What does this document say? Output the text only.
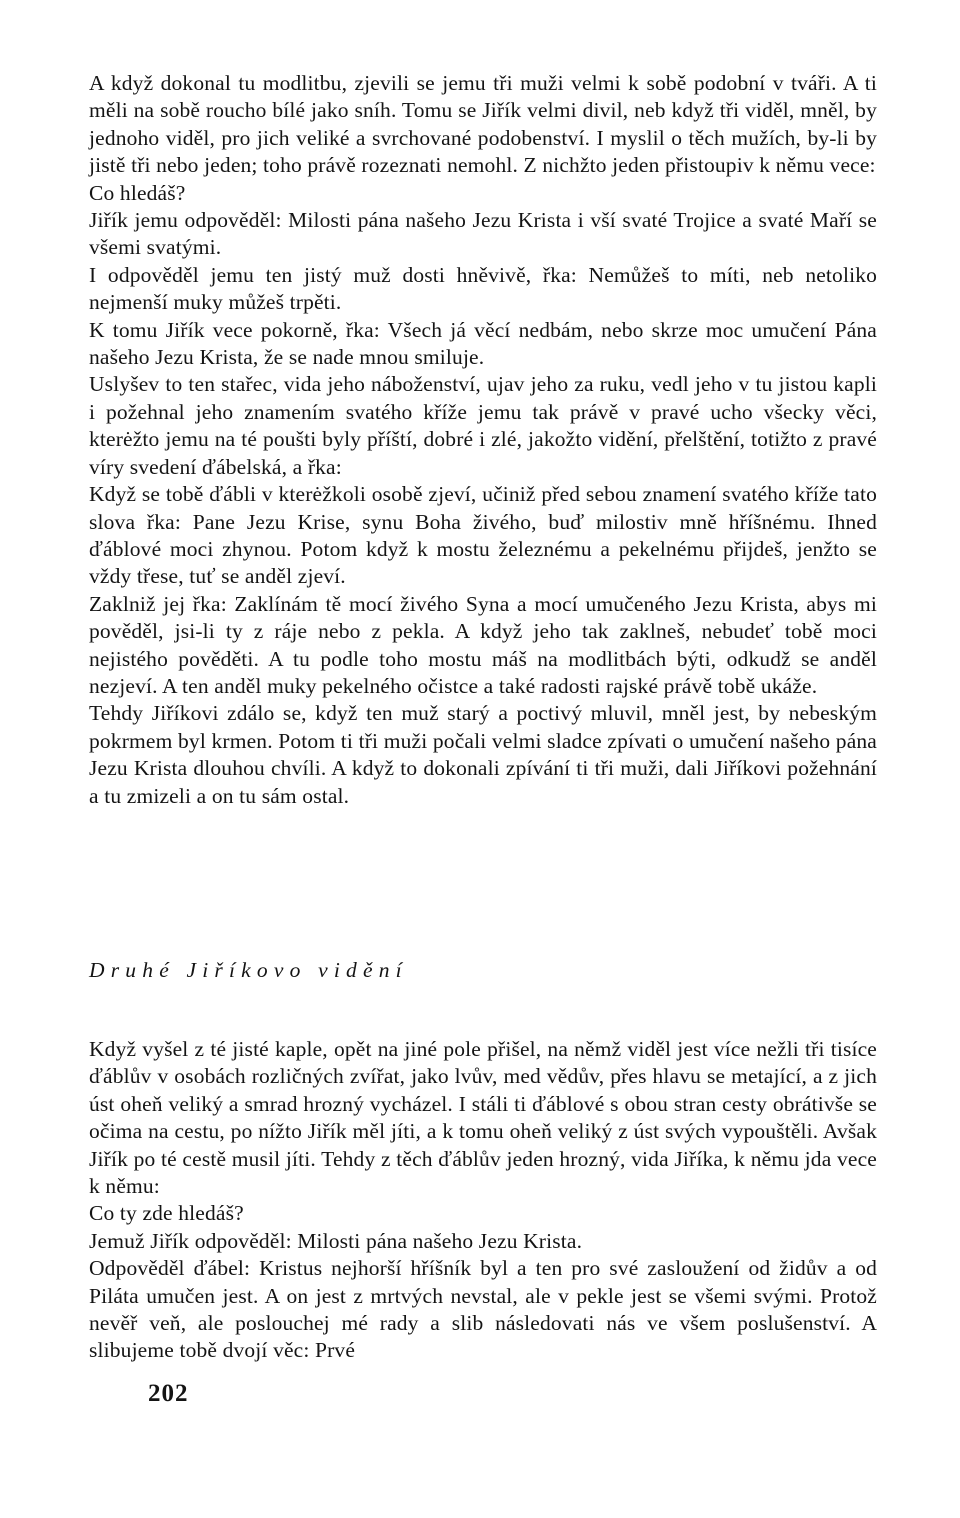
A když dokonal tu modlitbu, zjevili se jemu tři muži velmi k sobě podobní v tváři. A ti měli na sobě roucho bílé jako sníh. Tomu se Jiřík velmi divil, neb když tři viděl, mněl, by jednoho viděl, pro jich veliké a svrchované podobenství. I myslil o těch mužích, by-li by jistě tři nebo jeden; toho právě rozeznati nemohl. Z nichžto jeden přistoupiv k němu vece:

Co hledáš?

Jiřík jemu odpověděl: Milosti pána našeho Jezu Krista i vší svaté Trojice a svaté Maří se všemi svatými.

I odpověděl jemu ten jistý muž dosti hněvivě, řka: Nemůžeš to míti, neb netoliko nejmenší muky můžeš trpěti.

K tomu Jiřík vece pokorně, řka: Všech já věcí nedbám, nebo skrze moc umučení Pána našeho Jezu Krista, že se nade mnou smiluje.

Uslyšev to ten stařec, vida jeho náboženství, ujav jeho za ruku, vedl jeho v tu jistou kapli i požehnal jeho znamením svatého kříže jemu tak právě v pravé ucho všecky věci, kterėžto jemu na té poušti byly příští, dobré i zlé, jakožto vidění, přelštění, totižto z pravé víry svedení ďábelská, a řka:

Když se tobě ďábli v kterėžkoli osobě zjeví, učiniž před sebou znamení svatého kříže tato slova řka: Pane Jezu Krise, synu Boha živého, buď milostiv mně hříšnému. Ihned ďáblové moci zhynou. Potom když k mostu železnému a pekelnému přijdeš, jenžto se vždy třese, tuť se anděl zjeví.

Zaklniž jej řka: Zaklínám tě mocí živého Syna a mocí umučeného Jezu Krista, abys mi pověděl, jsi-li ty z ráje nebo z pekla. A když jeho tak zaklneš, nebudeť tobě moci nejistého pověděti. A tu podle toho mostu máš na modlitbách býti, odkudž se anděl nezjeví. A ten anděl muky pekelného očistce a také radosti rajské právě tobě ukáže.

Tehdy Jiříkovi zdálo se, když ten muž starý a poctivý mluvil, mněl jest, by nebeským pokrmem byl krmen. Potom ti tři muži počali velmi sladce zpívati o umučení našeho pána Jezu Krista dlouhou chvíli. A když to dokonali zpívání ti tři muži, dali Jiříkovi požehnání a tu zmizeli a on tu sám ostal.

Druhé Jiříkovo vidění

Když vyšel z té jisté kaple, opět na jiné pole přišel, na němž viděl jest více nežli tři tisíce ďáblův v osobách rozličných zvířat, jako lvův, med vědův, přes hlavu se metající, a z jich úst oheň veliký a smrad hrozný vycházel. I stáli ti ďáblové s obou stran cesty obrátivše se očima na cestu, po nížto Jiřík měl jíti, a k tomu oheň veliký z úst svých vypouštěli. Avšak Jiřík po té cestě musil jíti. Tehdy z těch ďáblův jeden hrozný, vida Jiříka, k němu jda vece k němu:

Co ty zde hledáš?

Jemuž Jiřík odpověděl: Milosti pána našeho Jezu Krista.

Odpověděl ďábel: Kristus nejhorší hříšník byl a ten pro své zasloužení od židův a od Piláta umučen jest. A on jest z mrtvých nevstal, ale v pekle jest se všemi svými. Protož nevěř veň, ale poslouchej mé rady a slib následovati nás ve všem poslušenství. A slibujeme tobě dvojí věc: Prvé

202
